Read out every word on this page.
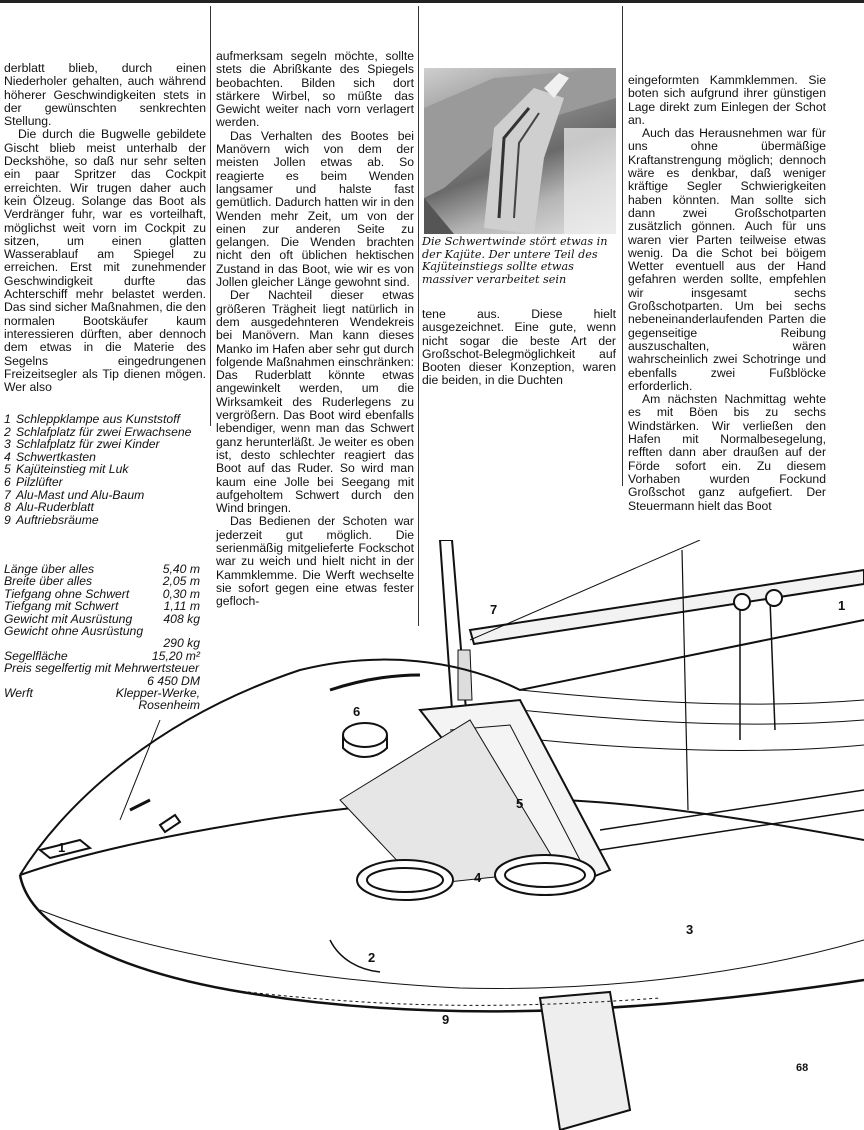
derblatt blieb, durch einen Niederholer gehalten, auch während höherer Geschwindigkeiten stets in der gewünschten senkrechten Stellung.

Die durch die Bugwelle gebildete Gischt blieb meist unterhalb der Deckshöhe, so daß nur sehr selten ein paar Spritzer das Cockpit erreichten. Wir trugen daher auch kein Ölzeug. Solange das Boot als Verdränger fuhr, war es vorteilhaft, möglichst weit vorn im Cockpit zu sitzen, um einen glatten Wasserablauf am Spiegel zu erreichen. Erst mit zunehmender Geschwindigkeit durfte das Achterschiff mehr belastet werden. Das sind sicher Maßnahmen, die den normalen Bootskäufer kaum interessieren dürften, aber dennoch dem etwas in die Materie des Segelns eingedrungenen Freizeitsegler als Tip dienen mögen. Wer also

aufmerksam segeln möchte, sollte stets die Abrißkante des Spiegels beobachten. Bilden sich dort stärkere Wirbel, so müßte das Gewicht weiter nach vorn verlagert werden.

Das Verhalten des Bootes bei Manövern wich von dem der meisten Jollen etwas ab. So reagierte es beim Wenden langsamer und halste fast gemütlich. Dadurch hatten wir in den Wenden mehr Zeit, um von der einen zur anderen Seite zu gelangen. Die Wenden brachten nicht den oft üblichen hektischen Zustand in das Boot, wie wir es von Jollen gleicher Länge gewohnt sind.

Der Nachteil dieser etwas größeren Trägheit liegt natürlich in dem ausgedehnteren Wendekreis bei Manövern. Man kann dieses Manko im Hafen aber sehr gut durch folgende Maßnahmen einschränken: Das Ruderblatt könnte etwas angewinkelt werden, um die Wirksamkeit des Ruderlegens zu vergrößern. Das Boot wird ebenfalls lebendiger, wenn man das Schwert ganz herunterläßt. Je weiter es oben ist, desto schlechter reagiert das Boot auf das Ruder. So wird man kaum eine Jolle bei Seegang mit aufgeholtem Schwert durch den Wind bringen.

Das Bedienen der Schoten war jederzeit gut möglich. Die serienmäßig mitgelieferte Fockschot war zu weich und hielt nicht in der Kammklemme. Die Werft wechselte sie sofort gegen eine etwas fester gefloch-

Die Schwertwinde stört etwas in der Kajüte. Der untere Teil des Kajüteinstiegs sollte etwas massiver verarbeitet sein

tene aus. Diese hielt ausgezeichnet. Eine gute, wenn nicht sogar die beste Art der Großschot-Belegmöglichkeit auf Booten dieser Konzeption, waren die beiden, in die Duchten

eingeformten Kammklemmen. Sie boten sich aufgrund ihrer günstigen Lage direkt zum Einlegen der Schot an.

Auch das Herausnehmen war für uns ohne übermäßige Kraftanstrengung möglich; dennoch wäre es denkbar, daß weniger kräftige Segler Schwierigkeiten haben könnten. Man sollte sich dann zwei Großschotparten zusätzlich gönnen. Auch für uns waren vier Parten teilweise etwas wenig. Da die Schot bei böigem Wetter eventuell aus der Hand gefahren werden sollte, empfehlen wir insgesamt sechs Großschotparten. Um bei sechs nebeneinanderlaufenden Parten die gegenseitige Reibung auszuschalten, wären wahrscheinlich zwei Schotringe und ebenfalls zwei Fußblöcke erforderlich.

Am nächsten Nachmittag wehte es mit Böen bis zu sechs Windstärken. Wir verließen den Hafen mit Normalbesegelung, refften dann aber draußen auf der Förde sofort ein. Zu diesem Vorhaben wurden Fockund Großschot ganz aufgefiert. Der Steuermann hielt das Boot

1 Schleppklampe aus Kunststoff
2 Schlafplatz für zwei Erwachsene
3 Schlafplatz für zwei Kinder
4 Schwertkasten
5 Kajüteinstieg mit Luk
6 Pilzlüfter
7 Alu-Mast und Alu-Baum
8 Alu-Ruderblatt
9 Auftriebsräume
Länge über alles	5,40 m
Breite über alles	2,05 m
Tiefgang ohne Schwert	0,30 m
Tiefgang mit Schwert	1,11 m
Gewicht mit Ausrüstung	408 kg
Gewicht ohne Ausrüstung
290 kg
Segelfläche	15,20 m²
Preis segelfertig mit Mehrwertsteuer
6 450 DM
Werft	Klepper-Werke, Rosenheim
1
1
2
3
4
5
6
7
9
68
